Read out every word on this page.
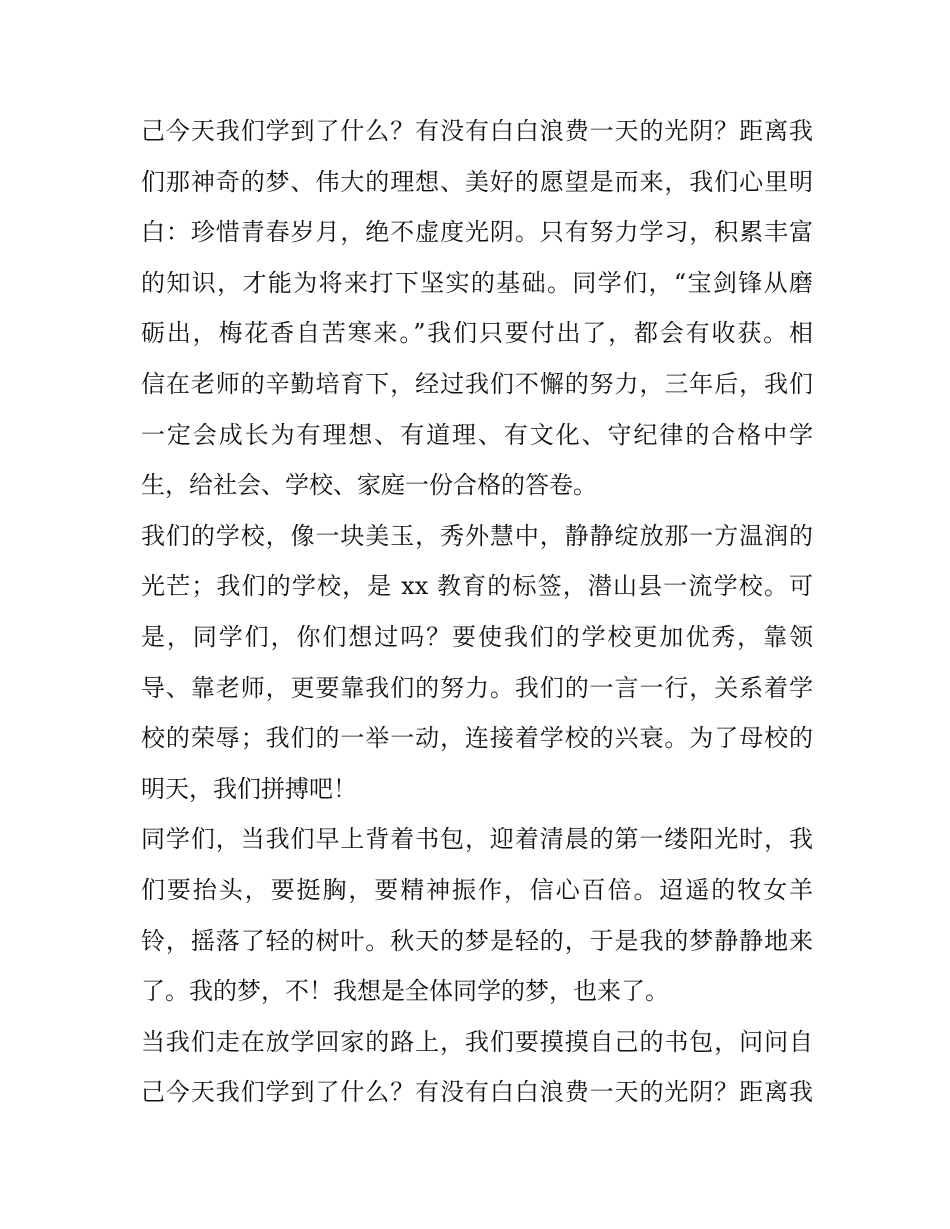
己今天我们学到了什么？有没有白白浪费一天的光阴？距离我
们那神奇的梦、伟大的理想、美好的愿望是而来，我们心里明
白：珍惜青春岁月，绝不虚度光阴。只有努力学习，积累丰富
的知识，才能为将来打下坚实的基础。同学们，“宝剑锋从磨
砺出，梅花香自苦寒来。”我们只要付出了，都会有收获。相
信在老师的辛勤培育下，经过我们不懈的努力，三年后，我们
一定会成长为有理想、有道理、有文化、守纪律的合格中学
生，给社会、学校、家庭一份合格的答卷。
我们的学校，像一块美玉，秀外慧中，静静绽放那一方温润的
光芒；我们的学校，是 xx 教育的标签，潜山县一流学校。可
是，同学们，你们想过吗？要使我们的学校更加优秀，靠领
导、靠老师，更要靠我们的努力。我们的一言一行，关系着学
校的荣辱；我们的一举一动，连接着学校的兴衰。为了母校的
明天，我们拼搏吧！
同学们，当我们早上背着书包，迎着清晨的第一缕阳光时，我
们要抬头，要挺胸，要精神振作，信心百倍。迢遥的牧女羊
铃，摇落了轻的树叶。秋天的梦是轻的，于是我的梦静静地来
了。我的梦，不！我想是全体同学的梦，也来了。
当我们走在放学回家的路上，我们要摸摸自己的书包，问问自
己今天我们学到了什么？有没有白白浪费一天的光阴？距离我
